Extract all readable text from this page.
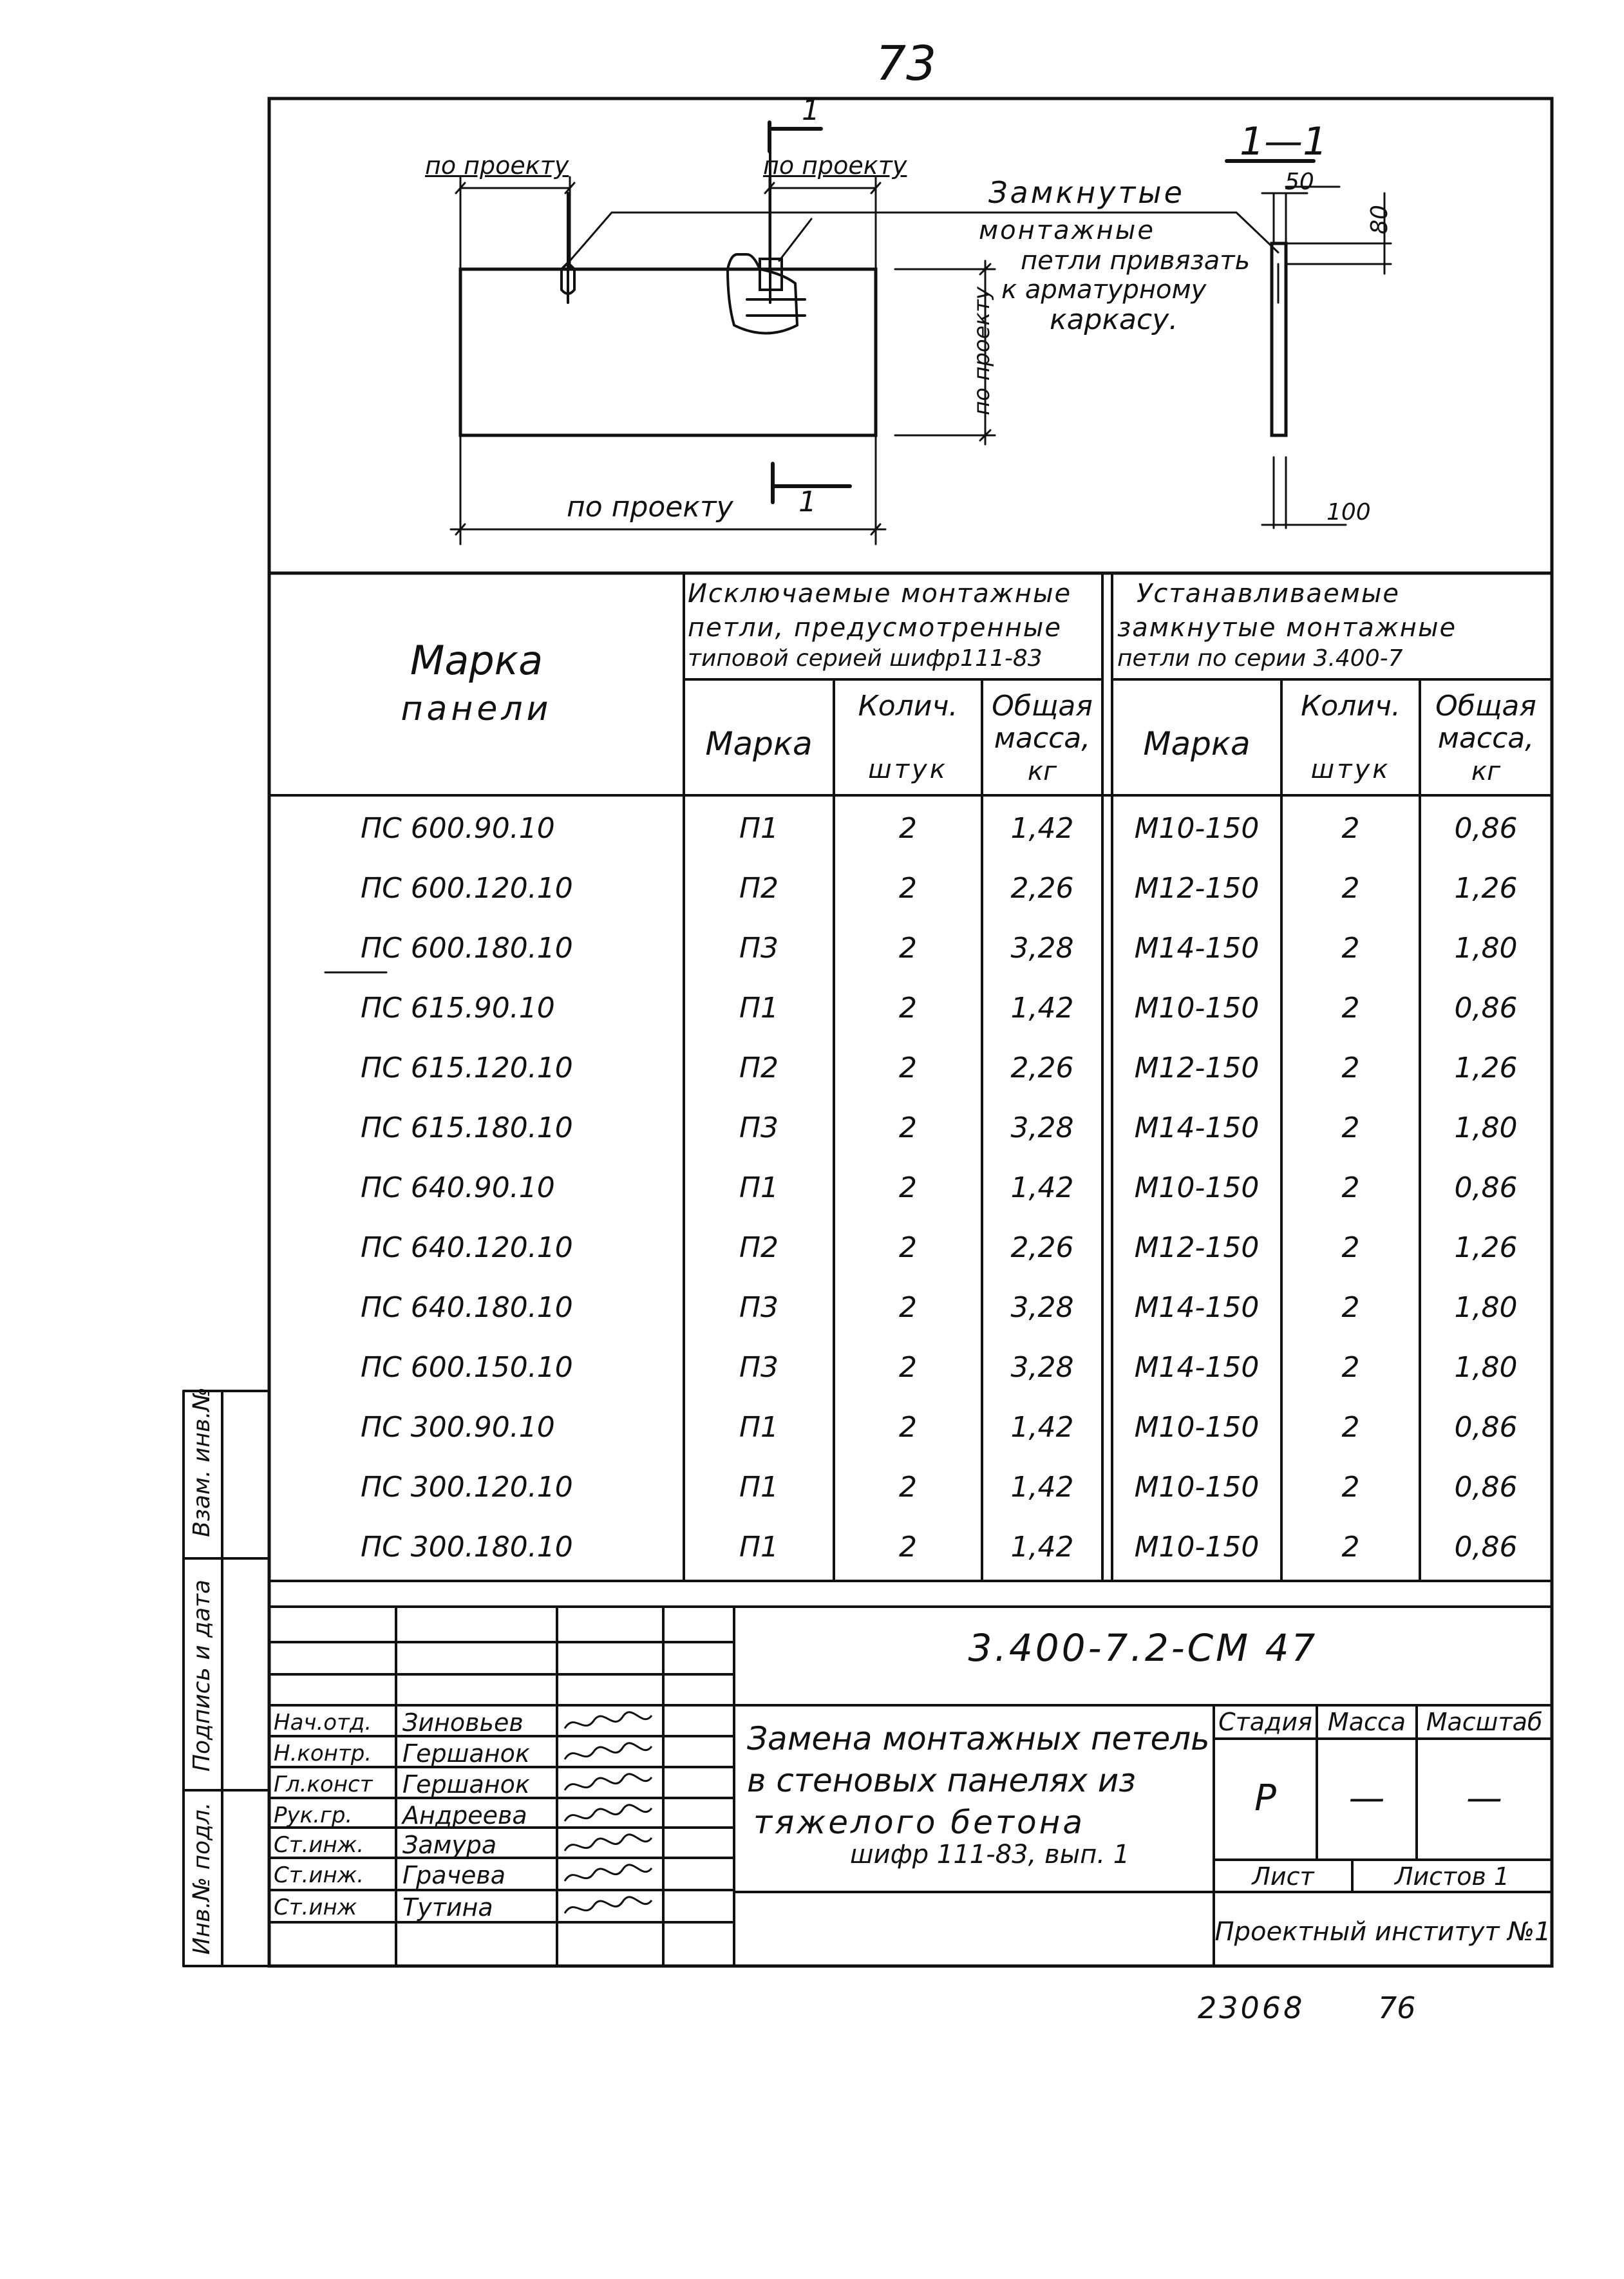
73
по проекту	по проекту
по проекту
по проекту
1
1
1—1
50
80
100
Замкнутые
монтажные
петли привязать
к арматурному
каркасу.
Марка
панели
Исключаемые монтажные
петли, предусмотренные
типовой серией шифр111-83
Устанавливаемые
замкнутые монтажные
петли по серии 3.400-7
Марка
Колич.
штук
Общая
масса,
кг
Марка
Колич.
штук
Общая
масса,
кг
ПС 600.90.10	П1	2	1,42	М10-150	2	0,86
ПС 600.120.10	П2	2	2,26	М12-150	2	1,26
ПС 600.180.10	П3	2	3,28	М14-150	2	1,80
ПС 615.90.10	П1	2	1,42	М10-150	2	0,86
ПС 615.120.10	П2	2	2,26	М12-150	2	1,26
ПС 615.180.10	П3	2	3,28	М14-150	2	1,80
ПС 640.90.10	П1	2	1,42	М10-150	2	0,86
ПС 640.120.10	П2	2	2,26	М12-150	2	1,26
ПС 640.180.10	П3	2	3,28	М14-150	2	1,80
ПС 600.150.10	П3	2	3,28	М14-150	2	1,80
ПС 300.90.10	П1	2	1,42	М10-150	2	0,86
ПС 300.120.10	П1	2	1,42	М10-150	2	0,86
ПС 300.180.10	П1	2	1,42	М10-150	2	0,86
Взам. инв.№
Подпись и дата
Инв.№ подл.
Нач.отд. Зиновьев
Н.контр. Гершанок
Гл.конст Гершанок
Рук.гр. Андреева
Ст.инж. Замура
Ст.инж. Грачева
Ст.инж Тутина
3.400-7.2-СМ 47
Замена монтажных петель
в стеновых панелях из
тяжелого бетона
шифр 111-83, вып. 1
Стадия Масса Масштаб
Р	—	—
Лист	Листов 1
Проектный институт №1
23068 76
